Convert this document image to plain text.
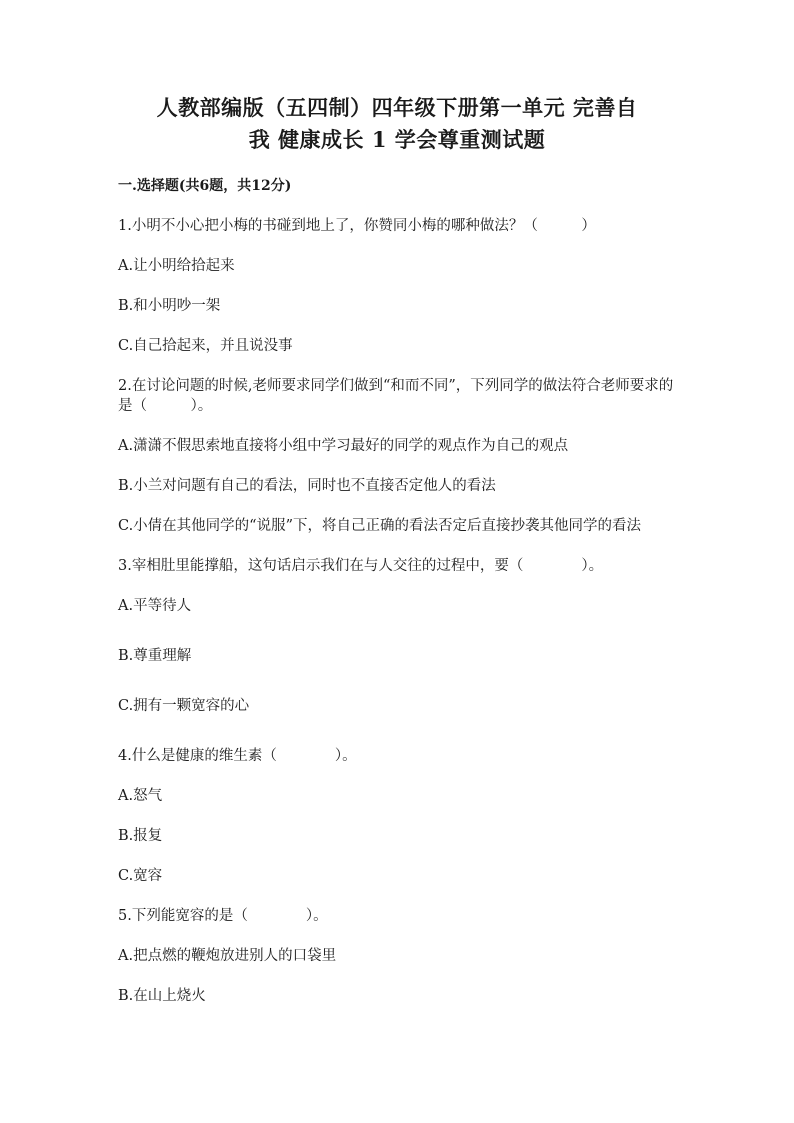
人教部编版（五四制）四年级下册第一单元 完善自
我 健康成长 1 学会尊重测试题
一.选择题(共6题，共12分)
1.小明不小心把小梅的书碰到地上了，你赞同小梅的哪种做法？（　　　）
A.让小明给拾起来
B.和小明吵一架
C.自己拾起来，并且说没事
2.在讨论问题的时候,老师要求同学们做到“和而不同”，下列同学的做法符合老师要求的是（　　　）。
A.潇潇不假思索地直接将小组中学习最好的同学的观点作为自己的观点
B.小兰对问题有自己的看法，同时也不直接否定他人的看法
C.小倩在其他同学的“说服”下，将自己正确的看法否定后直接抄袭其他同学的看法
3.宰相肚里能撑船，这句话启示我们在与人交往的过程中，要（　　　　）。
A.平等待人
B.尊重理解
C.拥有一颗宽容的心
4.什么是健康的维生素（　　　　）。
A.怒气
B.报复
C.宽容
5.下列能宽容的是（　　　　）。
A.把点燃的鞭炮放进别人的口袋里
B.在山上烧火
